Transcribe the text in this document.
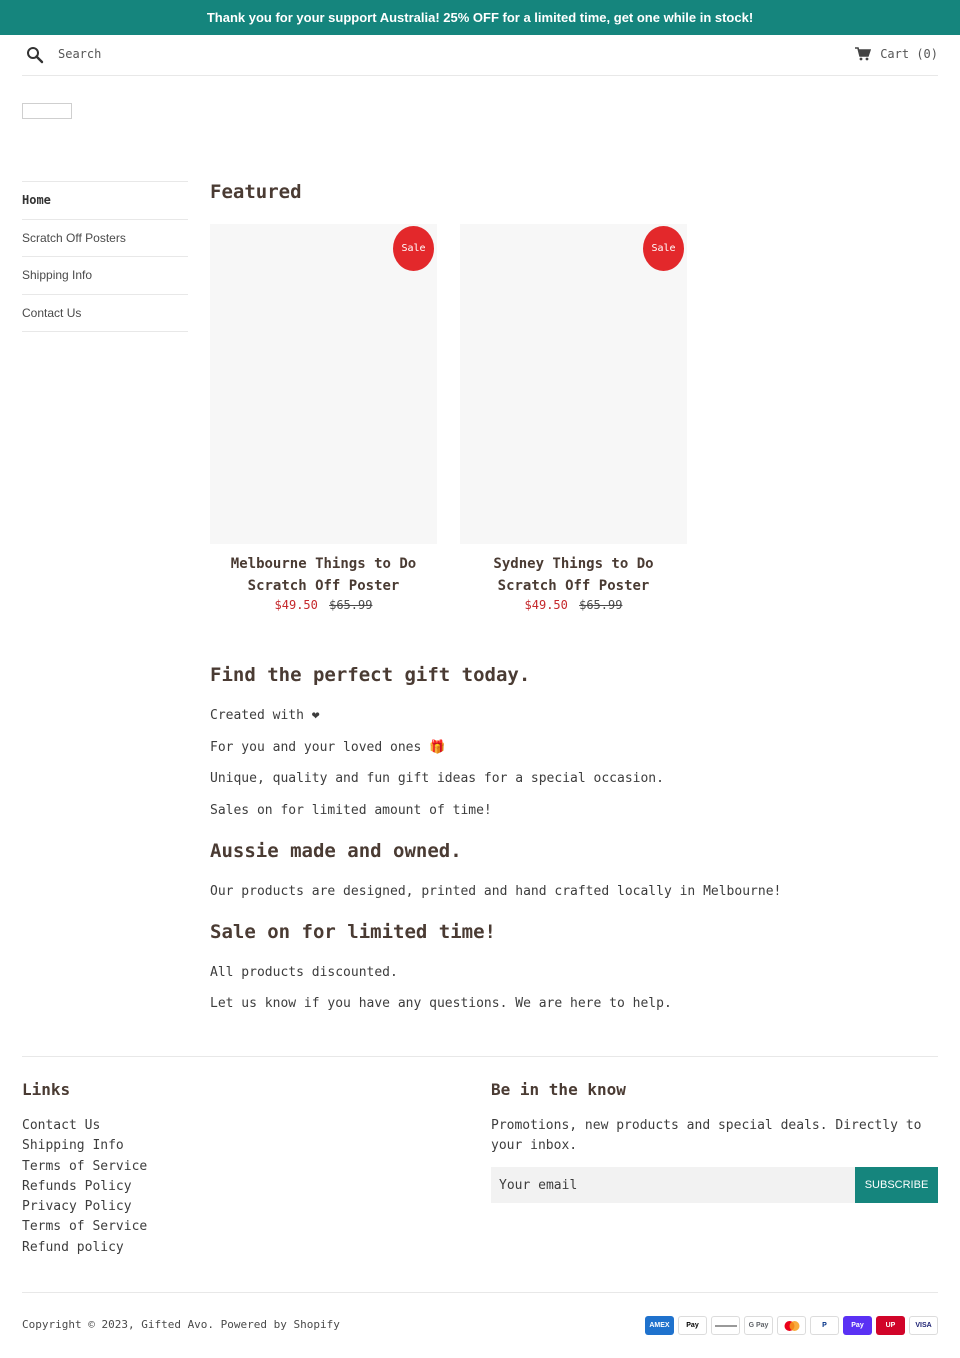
Thank you for your support Australia! 25% OFF for a limited time, get one while in stock!
Search
Cart (0)
Home
Scratch Off Posters
Shipping Info
Contact Us
Featured
Sale
Melbourne Things to Do Scratch Off Poster
$49.50 $65.99
Sale
Sydney Things to Do Scratch Off Poster
$49.50 $65.99
Find the perfect gift today.

Created with ❤

For you and your loved ones 🎁

Unique, quality and fun gift ideas for a special occasion.

Sales on for limited amount of time!

Aussie made and owned.

Our products are designed, printed and hand crafted locally in Melbourne!

Sale on for limited time!

All products discounted.

Let us know if you have any questions. We are here to help.

Links
Contact Us
Shipping Info
Terms of Service
Refunds Policy
Privacy Policy
Terms of Service
Refund policy
Be in the know
Promotions, new products and special deals. Directly to your inbox.
Your email
SUBSCRIBE
Copyright © 2023, Gifted Avo. Powered by Shopify	AMEX Pay	G Pay	P	Pay	UP	VISA
